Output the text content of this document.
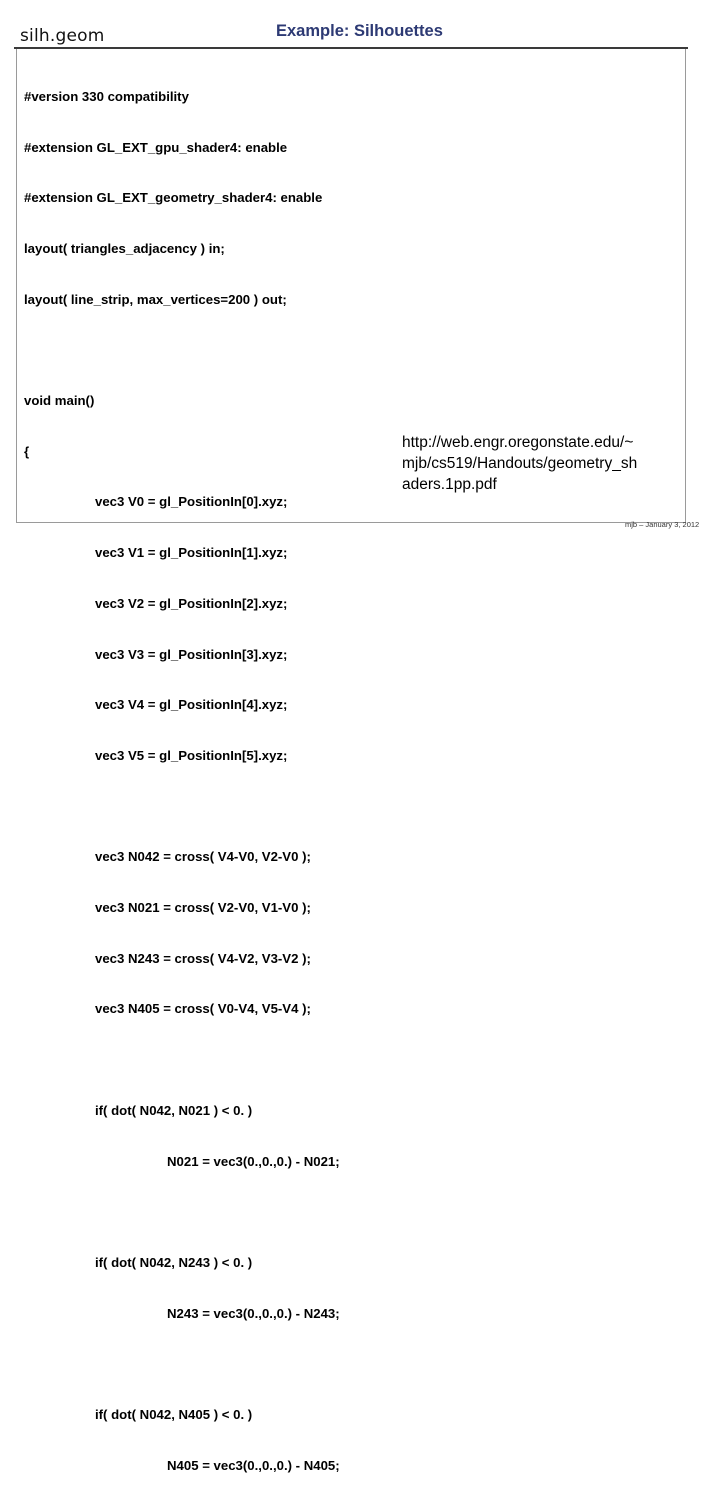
silh.geom	Example: Silhouettes

#version 330 compatibility

#extension GL_EXT_gpu_shader4: enable

#extension GL_EXT_geometry_shader4: enable

layout( triangles_adjacency ) in;

layout( line_strip, max_vertices=200 ) out;

void main()

{

vec3 V0 = gl_PositionIn[0].xyz;

vec3 V1 = gl_PositionIn[1].xyz;

vec3 V2 = gl_PositionIn[2].xyz;

vec3 V3 = gl_PositionIn[3].xyz;

vec3 V4 = gl_PositionIn[4].xyz;

vec3 V5 = gl_PositionIn[5].xyz;

vec3 N042 = cross( V4-V0, V2-V0 );

vec3 N021 = cross( V2-V0, V1-V0 );

vec3 N243 = cross( V4-V2, V3-V2 );

vec3 N405 = cross( V0-V4, V5-V4 );

if( dot( N042, N021 ) < 0. )

N021 = vec3(0.,0.,0.) - N021;

if( dot( N042, N243 ) < 0. )

N243 = vec3(0.,0.,0.) - N243;

if( dot( N042, N405 ) < 0. )

N405 = vec3(0.,0.,0.) - N405;

http://web.engr.oregonstate.edu/~
mjb/cs519/Handouts/geometry_sh
aders.1pp.pdf
mjb – January 3, 2012
